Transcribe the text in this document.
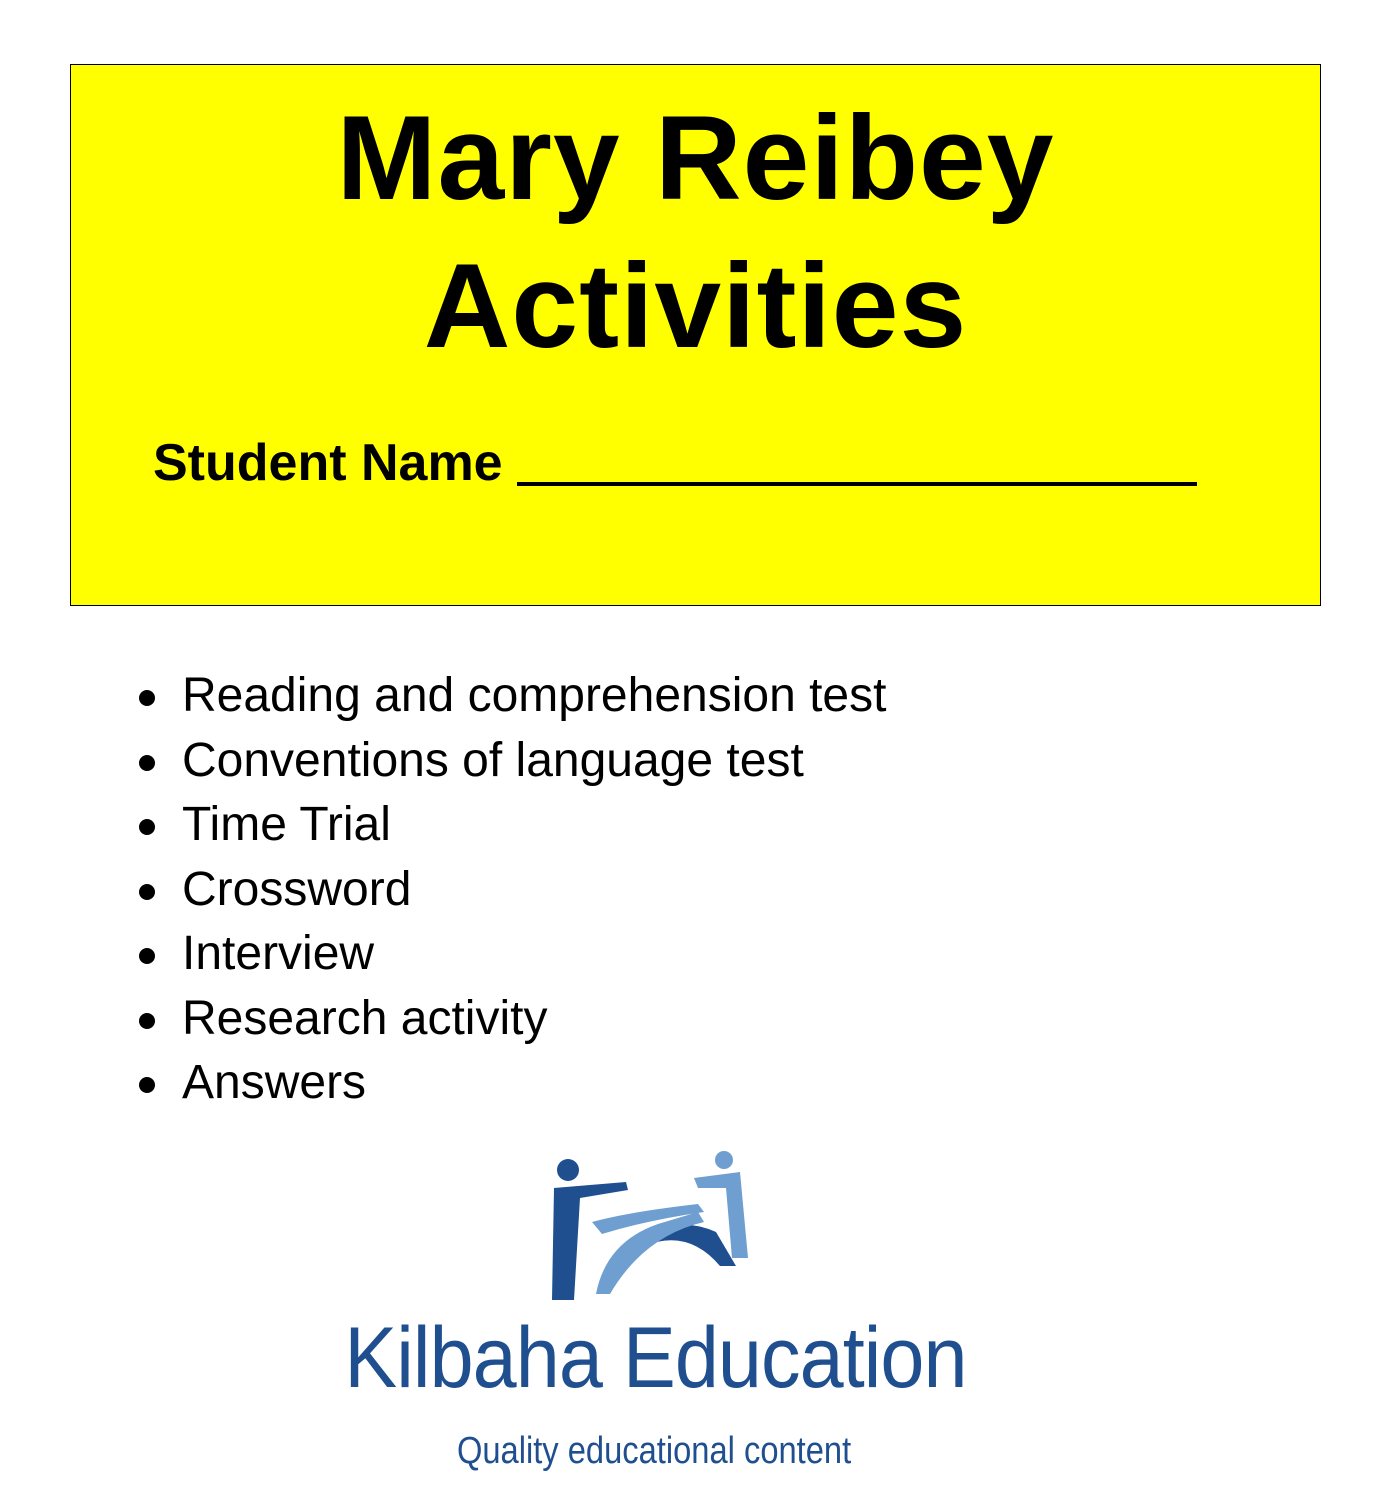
Mary Reibey
Activities
Student Name
Reading and comprehension test
Conventions of language test
Time Trial
Crossword
Interview
Research activity
Answers
Kilbaha Education
Quality educational content
